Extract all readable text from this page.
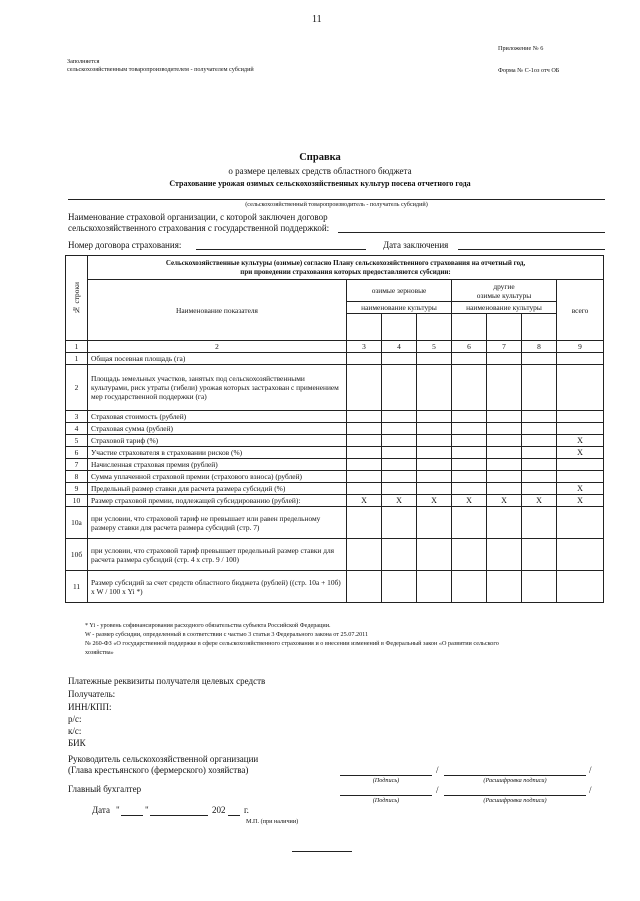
11
Заполняется
сельскохозяйственным товаропроизводителем - получателем субсидий
Приложение № 6
Форма № С-1оз отч ОБ
Справка
о размере целевых средств областного бюджета
Страхование урожая озимых сельскохозяйственных культур посева отчетного года
(сельскохозяйственный товаропроизводитель - получатель субсидий)
Наименование страховой организации, с которой заключен договор
сельскохозяйственного страхования с государственной поддержкой:
Номер договора страхования:	Дата заключения
№ строки	Сельскохозяйственные культуры (озимые) согласно Плану сельскохозяйственного страхования на отчетный год,
при проведении страхования которых предоставляются субсидии:							

	Наименование показателя	озимые зерновые			другие
озимые культуры			всего
		наименование культуры			наименование культуры			

1	2	3	4	5	6	7	8	9
1	Общая посевная площадь (га)							
2	Площадь земельных участков, занятых под сельскохозяйственными культурами, риск утраты (гибели) урожая которых застрахован с применением мер государственной поддержки (га)							
3	Страховая стоимость (рублей)							
4	Страховая сумма (рублей)							
5	Страховой тариф (%)							X
6	Участие страхователя в страховании рисков (%)							X
7	Начисленная страховая премия (рублей)							
8	Сумма уплаченной страховой премии (страхового взноса) (рублей)							
9	Предельный размер ставки для расчета размера субсидий (%)							X
10	Размер страховой премии, подлежащей субсидированию (рублей):	X	X	X	X	X	X	X
10а	при условии, что страховой тариф не превышает или равен предельному размеру ставки для расчета размера субсидий (стр. 7)							
10б	при условии, что страховой тариф превышает предельный размер ставки для расчета размера субсидий (стр. 4 х стр. 9 / 100)							
11	Размер субсидий за счет средств областного бюджета (рублей) ((стр. 10а + 10б) х W / 100 х Yi *)							
* Yi - уровень софинансирования расходного обязательства субъекта Российской Федерации.
W - размер субсидии, определенный в соответствии с частью 3 статьи 3 Федерального закона от 25.07.2011
№ 260-ФЗ «О государственной поддержке в сфере сельскохозяйственного страхования и о внесении изменений в Федеральный закон «О развитии сельского
хозяйства»
Платежные реквизиты получателя целевых средств
Получатель:
ИНН/КПП:
р/с:
к/с:
БИК
Руководитель сельскохозяйственной организации
(Глава крестьянского (фермерского) хозяйства)	/	/
(Подпись)	(Расшифровка подписи)
Главный бухгалтер	/	/
(Подпись)	(Расшифровка подписи)
Дата "	"	202 г.
М.П. (при наличии)
